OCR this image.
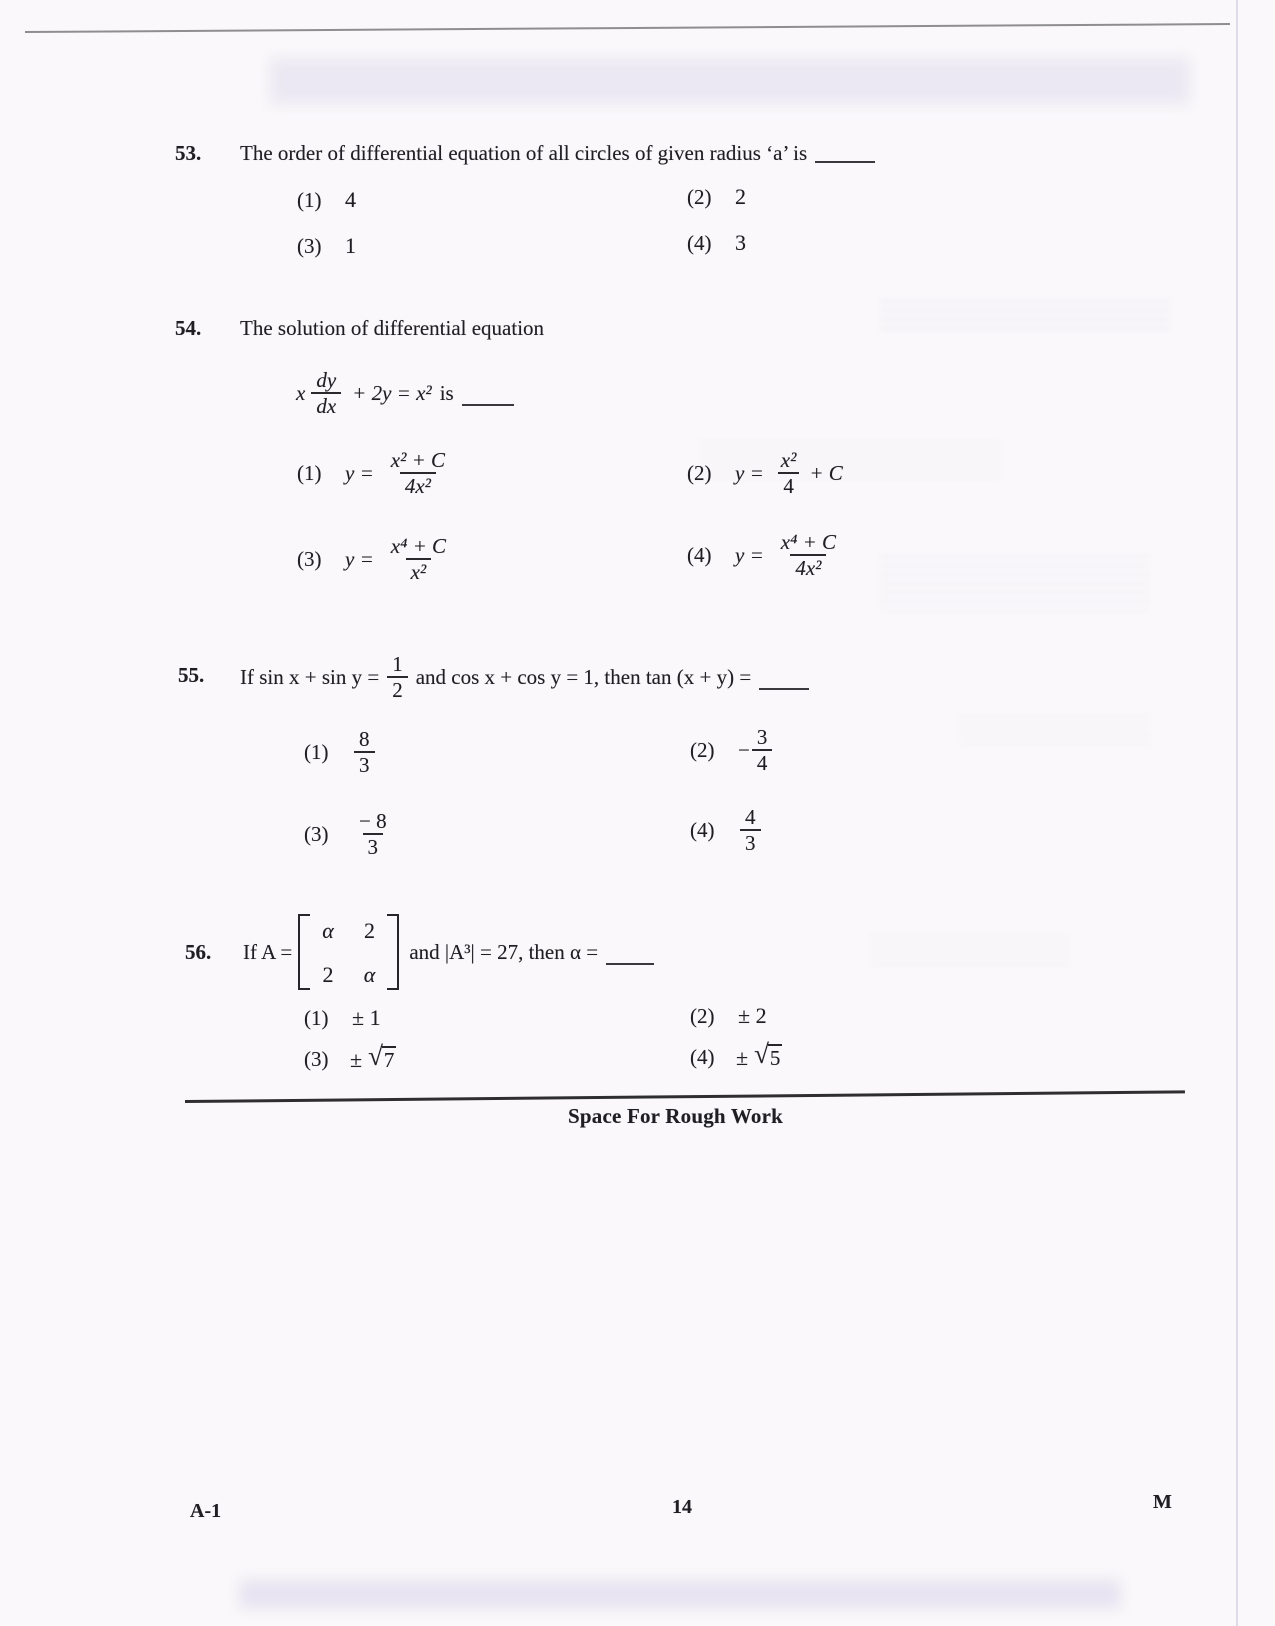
53. The order of differential equation of all circles of given radius ‘a’ is
(1)	4	(2)	2
(3)	1	(4)	3
54. The solution of differential equation
x $\frac{dy}{dx} + 2y = x^2$ is
(1)	$y = \frac{\text{x² + C}}{\text{4x²}}$	(2)	$y = \frac{\text{x²}}{4} + C$
(3)	$y = \frac{\text{x⁴ + C}}{\text{x²}}$	(4)	$y = \frac{\text{x⁴ + C}}{\text{4x²}}$
55. If $\sin x + \sin y = \frac{1}{2}$ and cos x + cos y = 1, then tan (x + y) =
(1)	$\frac{8}{3}$	(2)	− $\frac{3}{4}$
(3)	$\frac{- 8}{3}$	(4)	$\frac{4}{3}$
56. If A =
α 2
2 α
and |A³| = 27, then α =
(1)	± 1	(2)	± 2
(3) ± √ 7	(4) ± √ 5
Space For Rough Work
A-1	14	M
